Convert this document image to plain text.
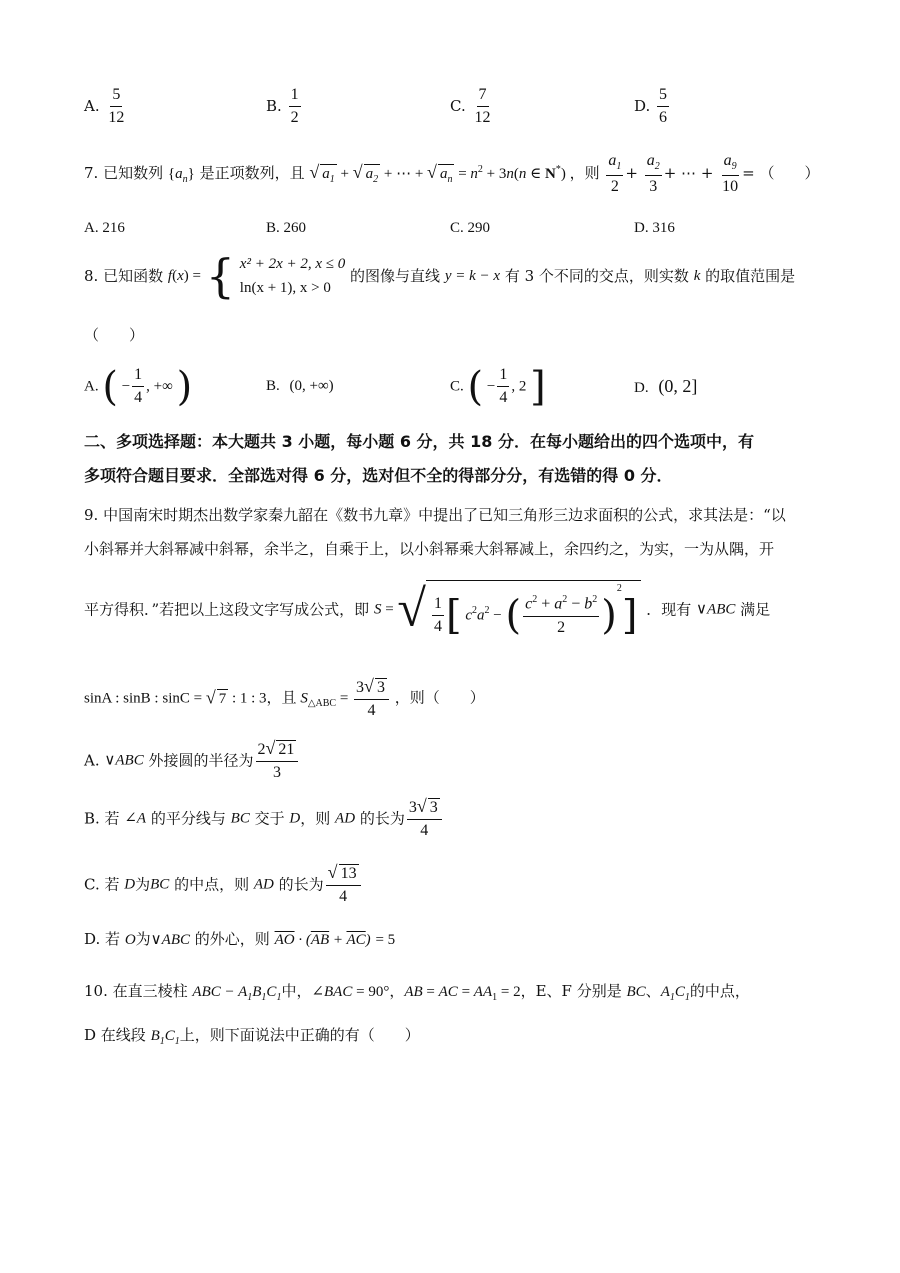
A. $\frac{5}{12}$	B. $\frac{1}{2}$	C. $\frac{7}{12}$	D. $\frac{5}{6}$
7. 已知数列 $\{a_n\}$ 是正项数列，且 √ $a_1$ + √ $a_2$ + ⋯ + √ $a_n = n^2 + 3n(n$ ∈ N*) ，则 $\frac{a_1}{2} + \frac{a_2}{3}$ + ⋯ + $\frac{a_9}{10}$ = （　　）
A. 216	B. 260	C. 290	D. 316
8. 已知函数 f(x) = { x² + 2x + 2, x ≤ 0
ln(x + 1), x > 0
的图像与直线 y = k − x 有 3 个不同的交点，则实数 k 的取值范围是
（　　）
A. ( − $\frac{1}{4}$ , +∞ )	B. (0, +∞)	C. ( − $\frac{1}{4}$ , 2 ]	D. (0, 2]
二、多项选择题：本大题共 3 小题，每小题 6 分，共 18 分．在每小题给出的四个选项中，有
多项符合题目要求．全部选对得 6 分，选对但不全的得部分分，有选错的得 0 分．
9. 中国南宋时期杰出数学家秦九韶在《数书九章》中提出了已知三角形三边求面积的公式，求其法是：“以
小斜幂并大斜幂减中斜幂，余半之，自乘于上，以小斜幂乘大斜幂减上，余四约之，为实，一为从隅，开
平方得积．”若把以上这段文字写成公式，即 S = √ $\frac{1}{4}$ [ $c^2a^2$ − ( $\frac{c^2 + a^2 - b^2}{2} )^2$] ．现有 ∨ABC 满足
sinA : sinB : sinC = √ 7 : 1 : 3，且 $S_{\triangle ABC} = \frac{3√ 3}{4}$ ，则（　　）
A. ∨ABC 外接圆的半径为 $\frac{2√ 21}{3}$
B. 若 ∠A 的平分线与 BC 交于 D，则 AD 的长为 $\frac{3√ 3}{4}$
C. 若 D为BC 的中点，则 AD 的长为 $\frac{√ 13}{4}$
D. 若 O为∨ABC 的外心，则 $\overline{AO} \cdot (\overline{AB} + \overline{AC}) = 5$
10. 在直三棱柱 ABC − $A_1B_1C_1$中，∠BAC = 90°，AB = AC = $AA_1 = 2$，E、F 分别是 BC、$A_1C_1$的中点，
D 在线段 $B_1C_1$上，则下面说法中正确的有（　　）
